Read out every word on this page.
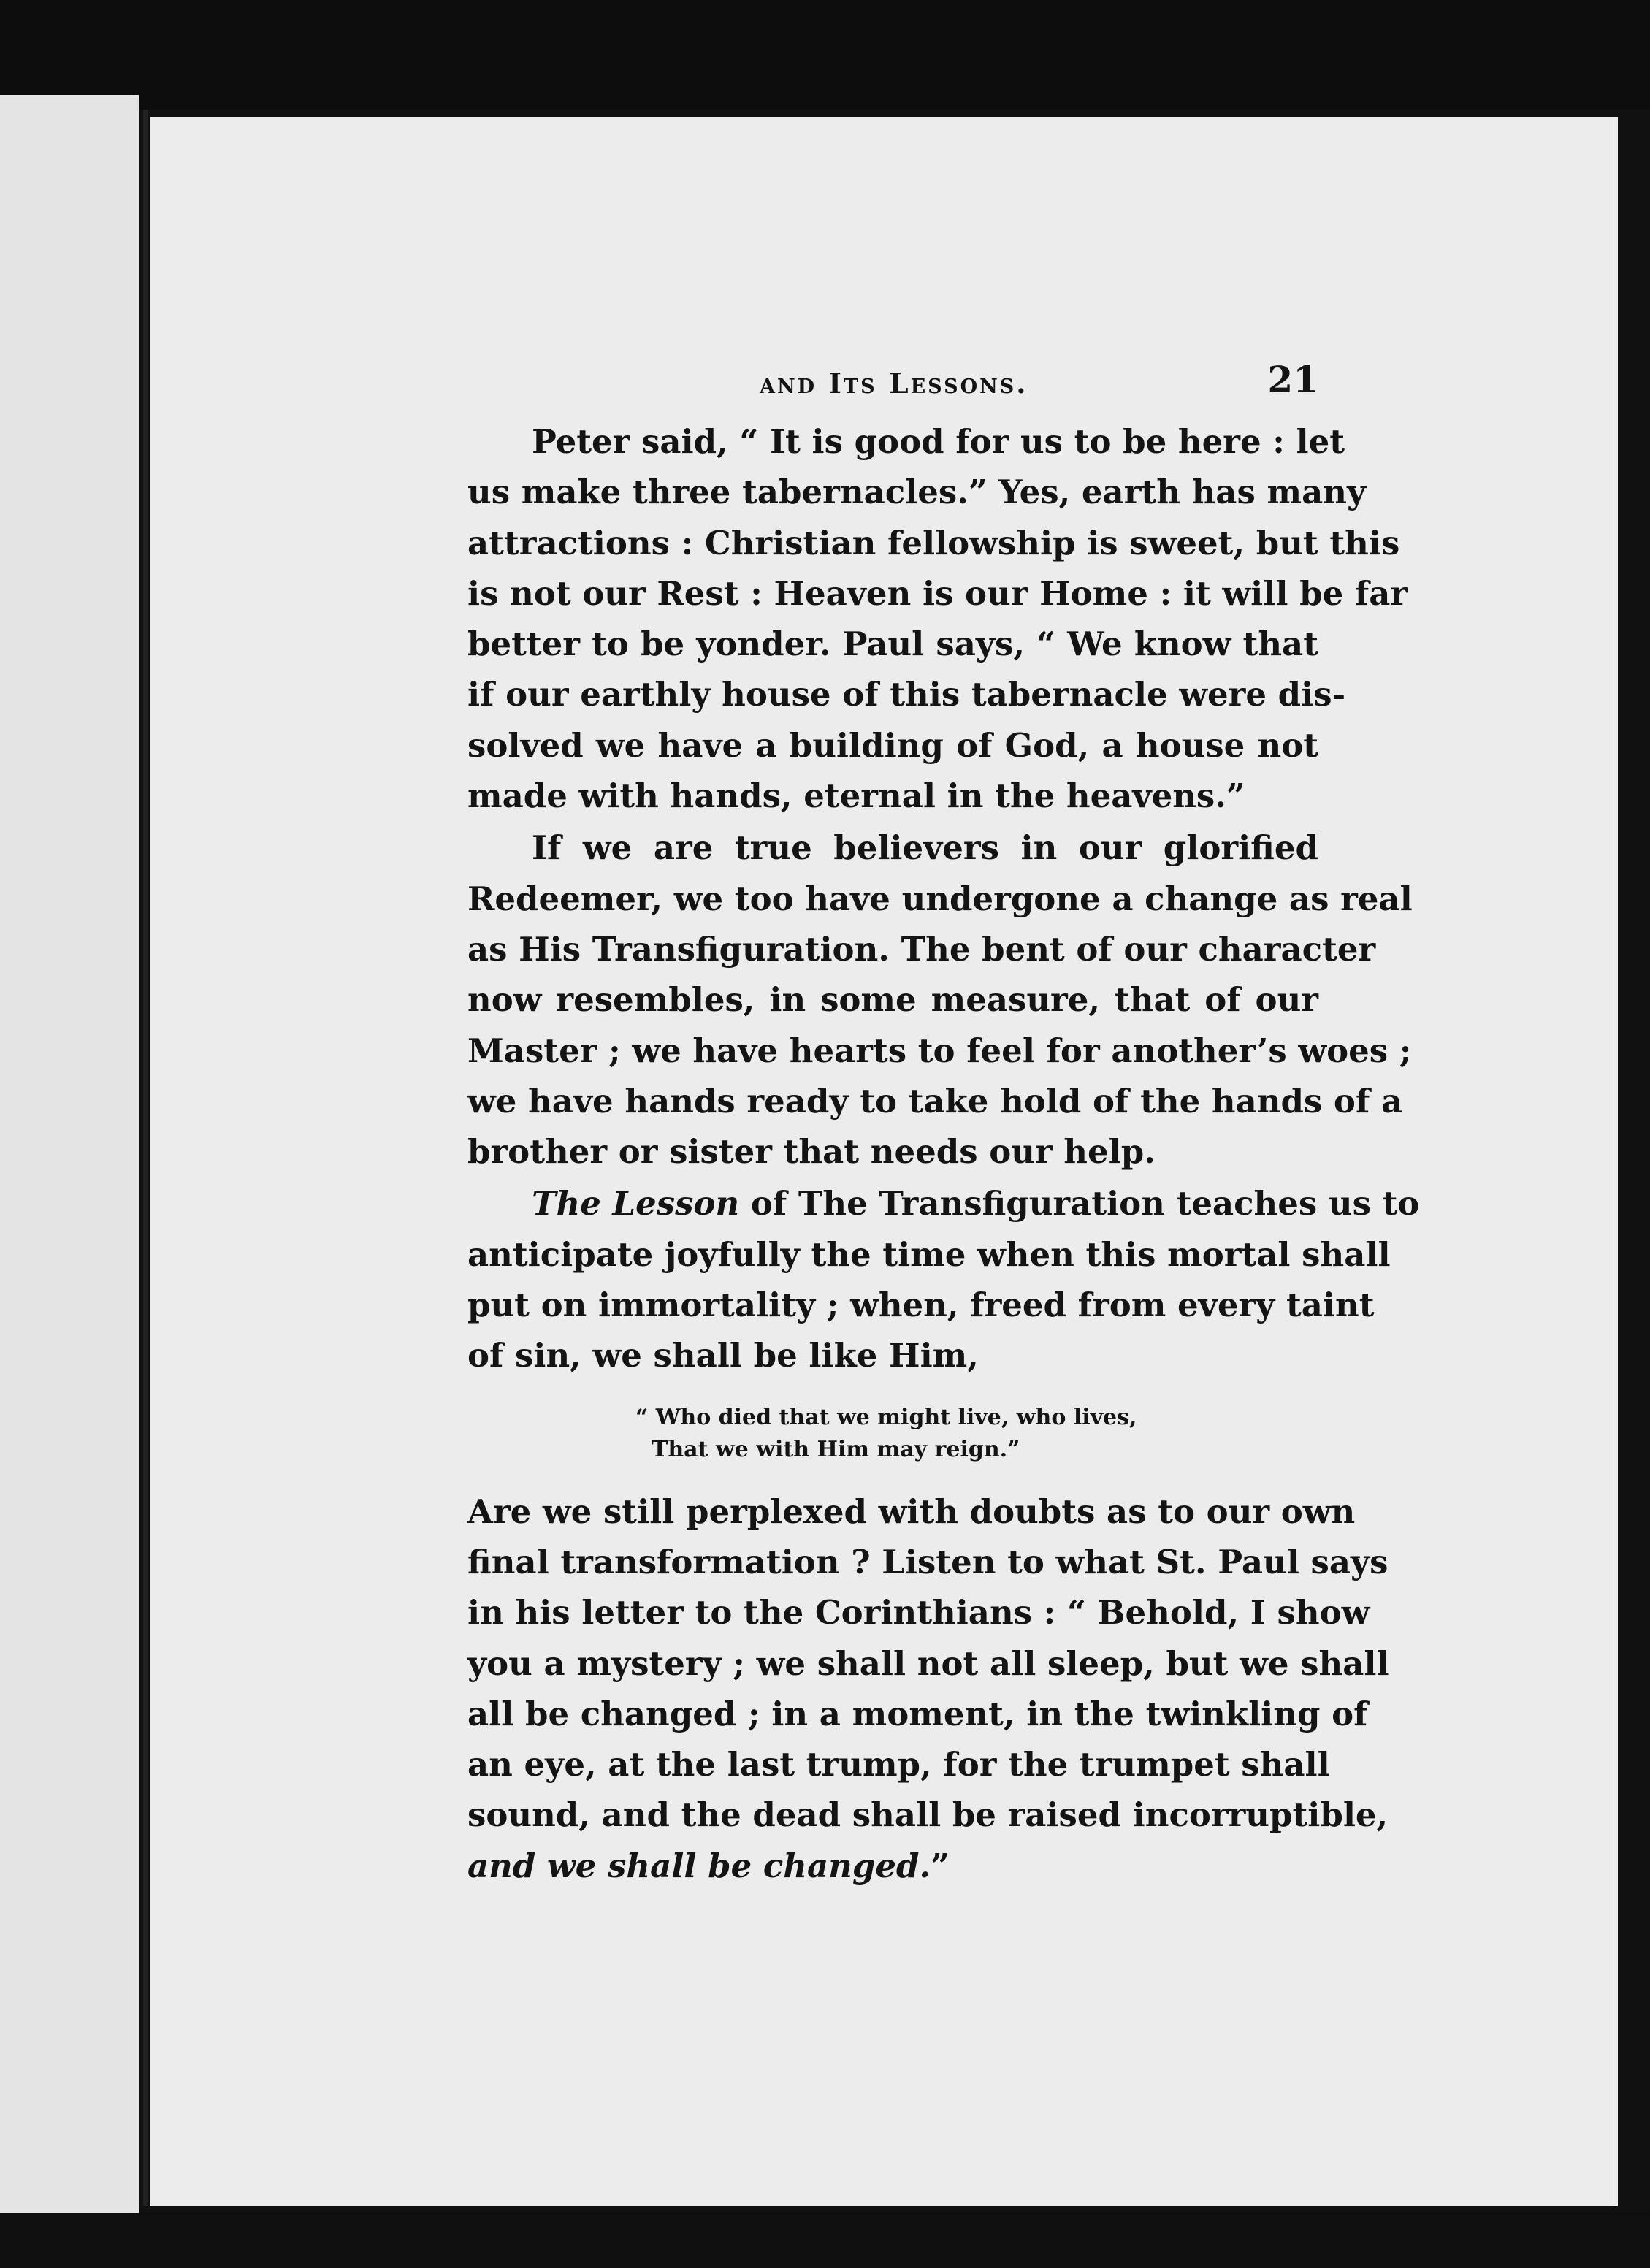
and Its Lessons.	21

Peter said, “ It is good for us to be here : let
us make three tabernacles.” Yes, earth has many
attractions : Christian fellowship is sweet, but this
is not our Rest : Heaven is our Home : it will be far
better to be yonder. Paul says, “ We know that
if our earthly house of this tabernacle were dis-
solved we have a building of God, a house not
made with hands, eternal in the heavens.”

If we are true believers in our glorified
Redeemer, we too have undergone a change as real
as His Transfiguration. The bent of our character
now resembles, in some measure, that of our
Master ; we have hearts to feel for another’s woes ;
we have hands ready to take hold of the hands of a
brother or sister that needs our help.

The Lesson of The Transfiguration teaches us to
anticipate joyfully the time when this mortal shall
put on immortality ; when, freed from every taint
of sin, we shall be like Him,

“ Who died that we might live, who lives,
That we with Him may reign.”

Are we still perplexed with doubts as to our own
final transformation ? Listen to what St. Paul says
in his letter to the Corinthians : “ Behold, I show
you a mystery ; we shall not all sleep, but we shall
all be changed ; in a moment, in the twinkling of
an eye, at the last trump, for the trumpet shall
sound, and the dead shall be raised incorruptible,
and we shall be changed.”
